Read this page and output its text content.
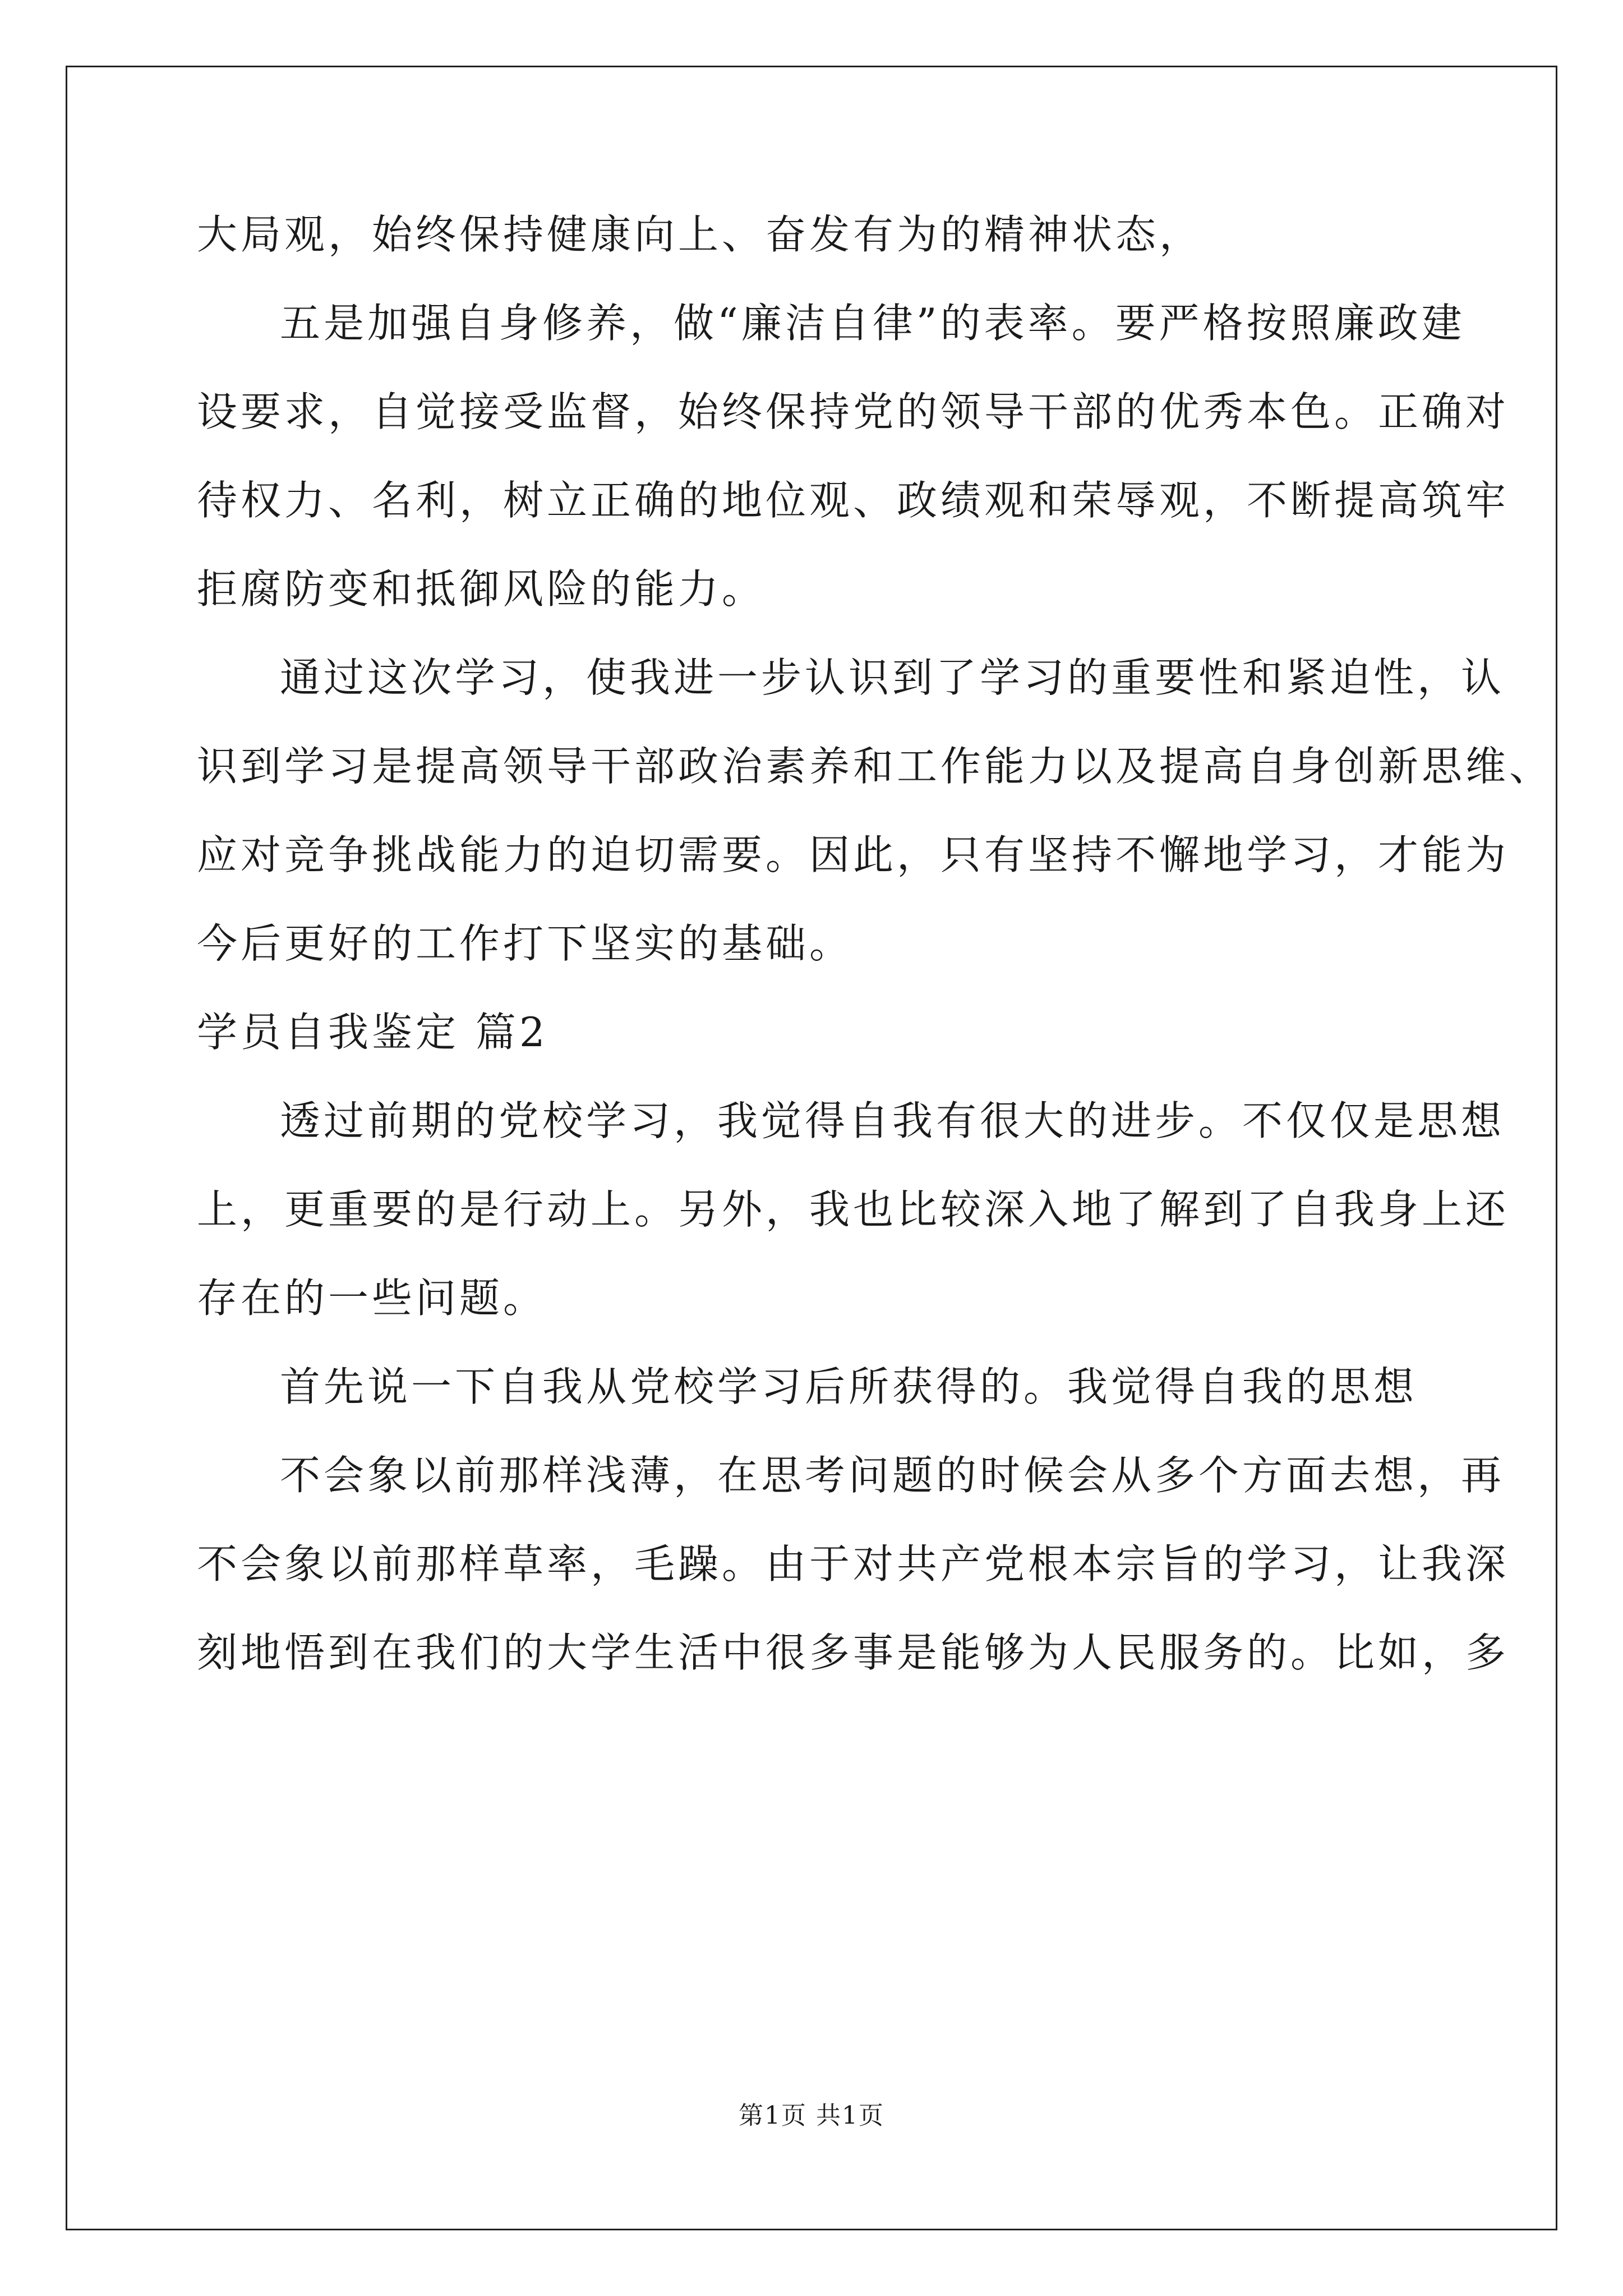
大局观，始终保持健康向上、奋发有为的精神状态，
五是加强自身修养，做“廉洁自律”的表率。要严格按照廉政建
设要求，自觉接受监督，始终保持党的领导干部的优秀本色。正确对
待权力、名利，树立正确的地位观、政绩观和荣辱观，不断提高筑牢
拒腐防变和抵御风险的能力。
通过这次学习，使我进一步认识到了学习的重要性和紧迫性，认
识到学习是提高领导干部政治素养和工作能力以及提高自身创新思维、
应对竞争挑战能力的迫切需要。因此，只有坚持不懈地学习，才能为
今后更好的工作打下坚实的基础。
学员自我鉴定 篇2
透过前期的党校学习，我觉得自我有很大的进步。不仅仅是思想
上，更重要的是行动上。另外，我也比较深入地了解到了自我身上还
存在的一些问题。
首先说一下自我从党校学习后所获得的。我觉得自我的思想
不会象以前那样浅薄，在思考问题的时候会从多个方面去想，再
不会象以前那样草率，毛躁。由于对共产党根本宗旨的学习，让我深
刻地悟到在我们的大学生活中很多事是能够为人民服务的。比如，多
第1页 共1页
